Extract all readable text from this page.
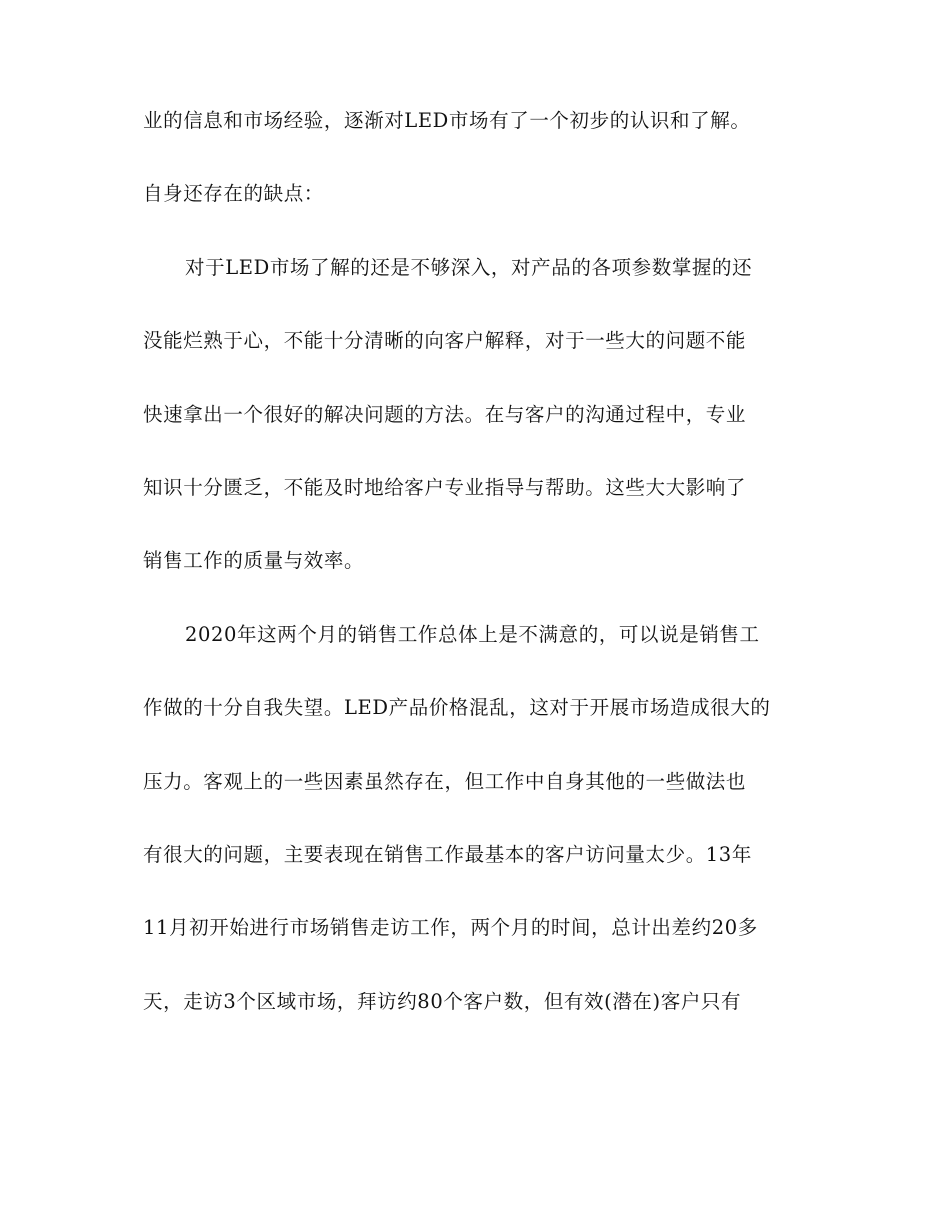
业的信息和市场经验，逐渐对LED市场有了一个初步的认识和了解。
自身还存在的缺点：
对于LED市场了解的还是不够深入，对产品的各项参数掌握的还
没能烂熟于心，不能十分清晰的向客户解释，对于一些大的问题不能
快速拿出一个很好的解决问题的方法。在与客户的沟通过程中，专业
知识十分匮乏，不能及时地给客户专业指导与帮助。这些大大影响了
销售工作的质量与效率。
2020年这两个月的销售工作总体上是不满意的，可以说是销售工
作做的十分自我失望。LED产品价格混乱，这对于开展市场造成很大的
压力。客观上的一些因素虽然存在，但工作中自身其他的一些做法也
有很大的问题，主要表现在销售工作最基本的客户访问量太少。13年
11月初开始进行市场销售走访工作，两个月的时间，总计出差约20多
天，走访3个区域市场，拜访约80个客户数，但有效(潜在)客户只有
